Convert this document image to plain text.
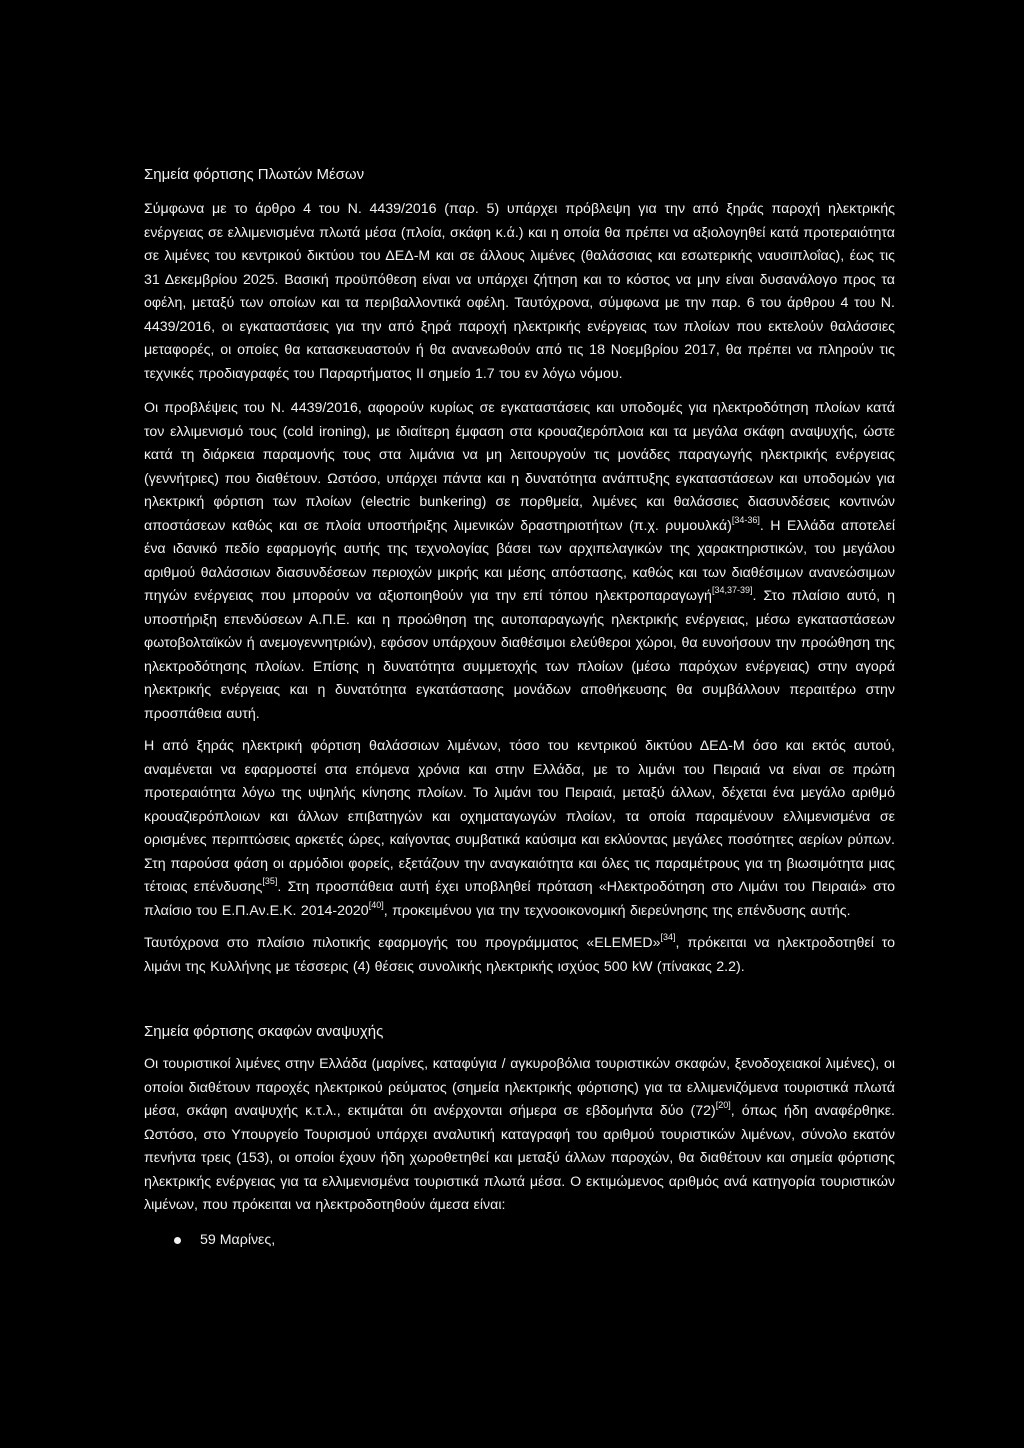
Σημεία φόρτισης Πλωτών Μέσων

Σύμφωνα με το άρθρο 4 του Ν. 4439/2016 (παρ. 5) υπάρχει πρόβλεψη για την από ξηράς παροχή ηλεκτρικής ενέργειας σε ελλιμενισμένα πλωτά μέσα (πλοία, σκάφη κ.ά.) και η οποία θα πρέπει να αξιολογηθεί κατά προτεραιότητα σε λιμένες του κεντρικού δικτύου του ΔΕΔ-Μ και σε άλλους λιμένες (θαλάσσιας και εσωτερικής ναυσιπλοΐας), έως τις 31 Δεκεμβρίου 2025. Βασική προϋπόθεση είναι να υπάρχει ζήτηση και το κόστος να μην είναι δυσανάλογο προς τα οφέλη, μεταξύ των οποίων και τα περιβαλλοντικά οφέλη. Ταυτόχρονα, σύμφωνα με την παρ. 6 του άρθρου 4 του Ν. 4439/2016, οι εγκαταστάσεις για την από ξηρά παροχή ηλεκτρικής ενέργειας των πλοίων που εκτελούν θαλάσσιες μεταφορές, οι οποίες θα κατασκευαστούν ή θα ανανεωθούν από τις 18 Νοεμβρίου 2017, θα πρέπει να πληρούν τις τεχνικές προδιαγραφές του Παραρτήματος II σημείο 1.7 του εν λόγω νόμου.

Οι προβλέψεις του Ν. 4439/2016, αφορούν κυρίως σε εγκαταστάσεις και υποδομές για ηλεκτροδότηση πλοίων κατά τον ελλιμενισμό τους (cold ironing), με ιδιαίτερη έμφαση στα κρουαζιερόπλοια και τα μεγάλα σκάφη αναψυχής, ώστε κατά τη διάρκεια παραμονής τους στα λιμάνια να μη λειτουργούν τις μονάδες παραγωγής ηλεκτρικής ενέργειας (γεννήτριες) που διαθέτουν. Ωστόσο, υπάρχει πάντα και η δυνατότητα ανάπτυξης εγκαταστάσεων και υποδομών για ηλεκτρική φόρτιση των πλοίων (electric bunkering) σε πορθμεία, λιμένες και θαλάσσιες διασυνδέσεις κοντινών αποστάσεων καθώς και σε πλοία υποστήριξης λιμενικών δραστηριοτήτων (π.χ. ρυμουλκά)[34-36]. Η Ελλάδα αποτελεί ένα ιδανικό πεδίο εφαρμογής αυτής της τεχνολογίας βάσει των αρχιπελαγικών της χαρακτηριστικών, του μεγάλου αριθμού θαλάσσιων διασυνδέσεων περιοχών μικρής και μέσης απόστασης, καθώς και των διαθέσιμων ανανεώσιμων πηγών ενέργειας που μπορούν να αξιοποιηθούν για την επί τόπου ηλεκτροπαραγωγή[34,37-39]. Στο πλαίσιο αυτό, η υποστήριξη επενδύσεων Α.Π.Ε. και η προώθηση της αυτοπαραγωγής ηλεκτρικής ενέργειας, μέσω εγκαταστάσεων φωτοβολταϊκών ή ανεμογεννητριών), εφόσον υπάρχουν διαθέσιμοι ελεύθεροι χώροι, θα ευνοήσουν την προώθηση της ηλεκτροδότησης πλοίων. Επίσης η δυνατότητα συμμετοχής των πλοίων (μέσω παρόχων ενέργειας) στην αγορά ηλεκτρικής ενέργειας και η δυνατότητα εγκατάστασης μονάδων αποθήκευσης θα συμβάλλουν περαιτέρω στην προσπάθεια αυτή.

Η από ξηράς ηλεκτρική φόρτιση θαλάσσιων λιμένων, τόσο του κεντρικού δικτύου ΔΕΔ-Μ όσο και εκτός αυτού, αναμένεται να εφαρμοστεί στα επόμενα χρόνια και στην Ελλάδα, με το λιμάνι του Πειραιά να είναι σε πρώτη προτεραιότητα λόγω της υψηλής κίνησης πλοίων. Το λιμάνι του Πειραιά, μεταξύ άλλων, δέχεται ένα μεγάλο αριθμό κρουαζιερόπλοιων και άλλων επιβατηγών και οχηματαγωγών πλοίων, τα οποία παραμένουν ελλιμενισμένα σε ορισμένες περιπτώσεις αρκετές ώρες, καίγοντας συμβατικά καύσιμα και εκλύοντας μεγάλες ποσότητες αερίων ρύπων. Στη παρούσα φάση οι αρμόδιοι φορείς, εξετάζουν την αναγκαιότητα και όλες τις παραμέτρους για τη βιωσιμότητα μιας τέτοιας επένδυσης[35]. Στη προσπάθεια αυτή έχει υποβληθεί πρόταση «Ηλεκτροδότηση στο Λιμάνι του Πειραιά» στο πλαίσιο του Ε.Π.Αν.Ε.Κ. 2014-2020[40], προκειμένου για την τεχνοοικονομική διερεύνησης της επένδυσης αυτής.

Ταυτόχρονα στο πλαίσιο πιλοτικής εφαρμογής του προγράμματος «ELEMED»[34], πρόκειται να ηλεκτροδοτηθεί το λιμάνι της Κυλλήνης με τέσσερις (4) θέσεις συνολικής ηλεκτρικής ισχύος 500 kW (πίνακας 2.2).

Σημεία φόρτισης σκαφών αναψυχής

Οι τουριστικοί λιμένες στην Ελλάδα (μαρίνες, καταφύγια / αγκυροβόλια τουριστικών σκαφών, ξενοδοχειακοί λιμένες), οι οποίοι διαθέτουν παροχές ηλεκτρικού ρεύματος (σημεία ηλεκτρικής φόρτισης) για τα ελλιμενιζόμενα τουριστικά πλωτά μέσα, σκάφη αναψυχής κ.τ.λ., εκτιμάται ότι ανέρχονται σήμερα σε εβδομήντα δύο (72)[20], όπως ήδη αναφέρθηκε. Ωστόσο, στο Υπουργείο Τουρισμού υπάρχει αναλυτική καταγραφή του αριθμού τουριστικών λιμένων, σύνολο εκατόν πενήντα τρεις (153), οι οποίοι έχουν ήδη χωροθετηθεί και μεταξύ άλλων παροχών, θα διαθέτουν και σημεία φόρτισης ηλεκτρικής ενέργειας για τα ελλιμενισμένα τουριστικά πλωτά μέσα. Ο εκτιμώμενος αριθμός ανά κατηγορία τουριστικών λιμένων, που πρόκειται να ηλεκτροδοτηθούν άμεσα είναι:

59 Μαρίνες,
